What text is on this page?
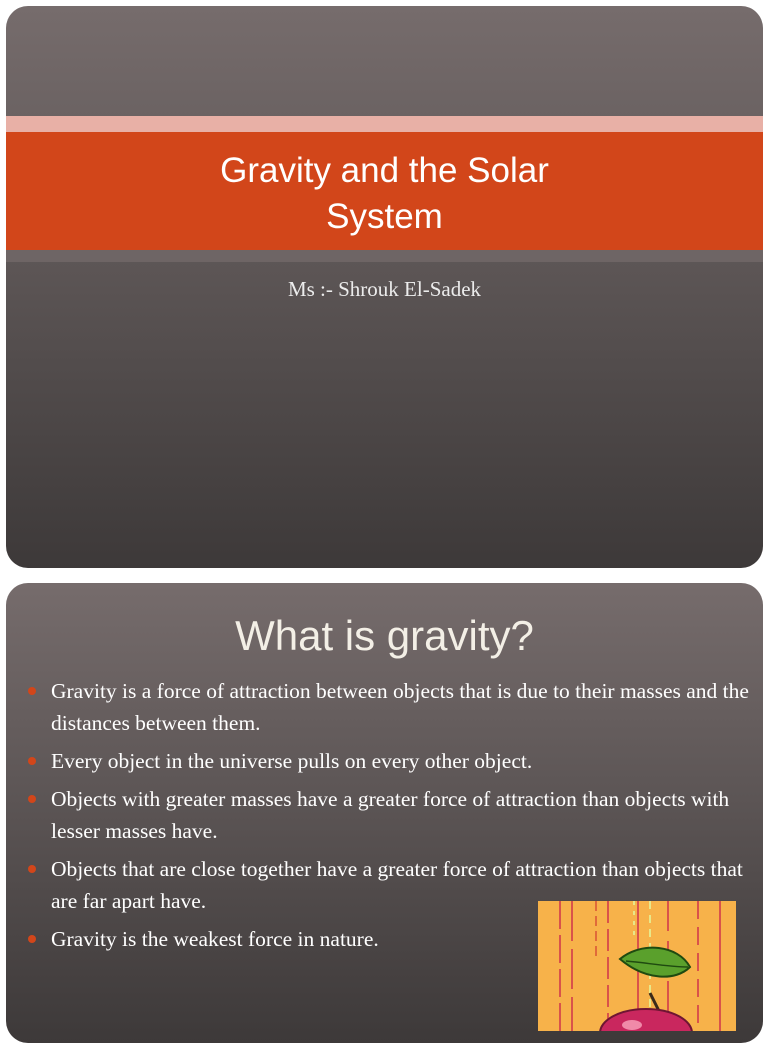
Gravity and the Solar
System
Ms :- Shrouk El-Sadek
What is gravity?
Gravity is a force of attraction between objects that is due to their masses and the distances between them.
Every object in the universe pulls on every other object.
Objects with greater masses have a greater force of attraction than objects with lesser masses have.
Objects that are close together have a greater force of attraction than objects that are far apart have.
Gravity is the weakest force in nature.
